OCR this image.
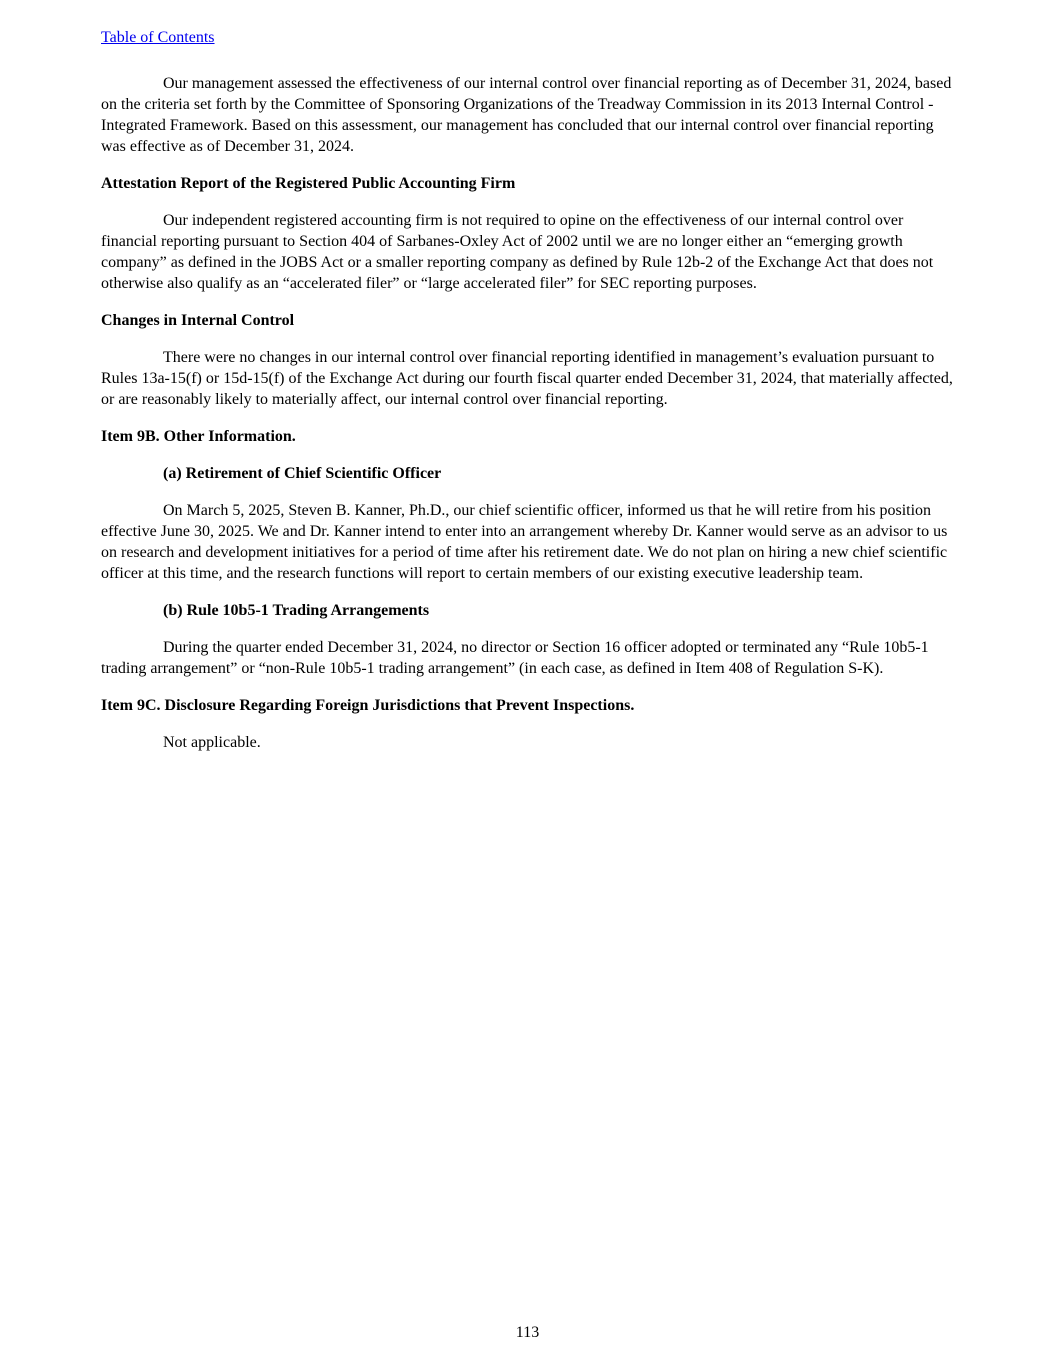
Table of Contents

Our management assessed the effectiveness of our internal control over financial reporting as of December 31, 2024, based on the criteria set forth by the Committee of Sponsoring Organizations of the Treadway Commission in its 2013 Internal Control - Integrated Framework. Based on this assessment, our management has concluded that our internal control over financial reporting was effective as of December 31, 2024.

Attestation Report of the Registered Public Accounting Firm

Our independent registered accounting firm is not required to opine on the effectiveness of our internal control over financial reporting pursuant to Section 404 of Sarbanes-Oxley Act of 2002 until we are no longer either an “emerging growth company” as defined in the JOBS Act or a smaller reporting company as defined by Rule 12b-2 of the Exchange Act that does not otherwise also qualify as an “accelerated filer” or “large accelerated filer” for SEC reporting purposes.

Changes in Internal Control

There were no changes in our internal control over financial reporting identified in management’s evaluation pursuant to Rules 13a-15(f) or 15d-15(f) of the Exchange Act during our fourth fiscal quarter ended December 31, 2024, that materially affected, or are reasonably likely to materially affect, our internal control over financial reporting.

Item 9B. Other Information.
(a) Retirement of Chief Scientific Officer

On March 5, 2025, Steven B. Kanner, Ph.D., our chief scientific officer, informed us that he will retire from his position effective June 30, 2025. We and Dr. Kanner intend to enter into an arrangement whereby Dr. Kanner would serve as an advisor to us on research and development initiatives for a period of time after his retirement date. We do not plan on hiring a new chief scientific officer at this time, and the research functions will report to certain members of our existing executive leadership team.

(b) Rule 10b5-1 Trading Arrangements

During the quarter ended December 31, 2024, no director or Section 16 officer adopted or terminated any “Rule 10b5-1 trading arrangement” or “non-Rule 10b5-1 trading arrangement” (in each case, as defined in Item 408 of Regulation S-K).

Item 9C. Disclosure Regarding Foreign Jurisdictions that Prevent Inspections.

Not applicable.

113
